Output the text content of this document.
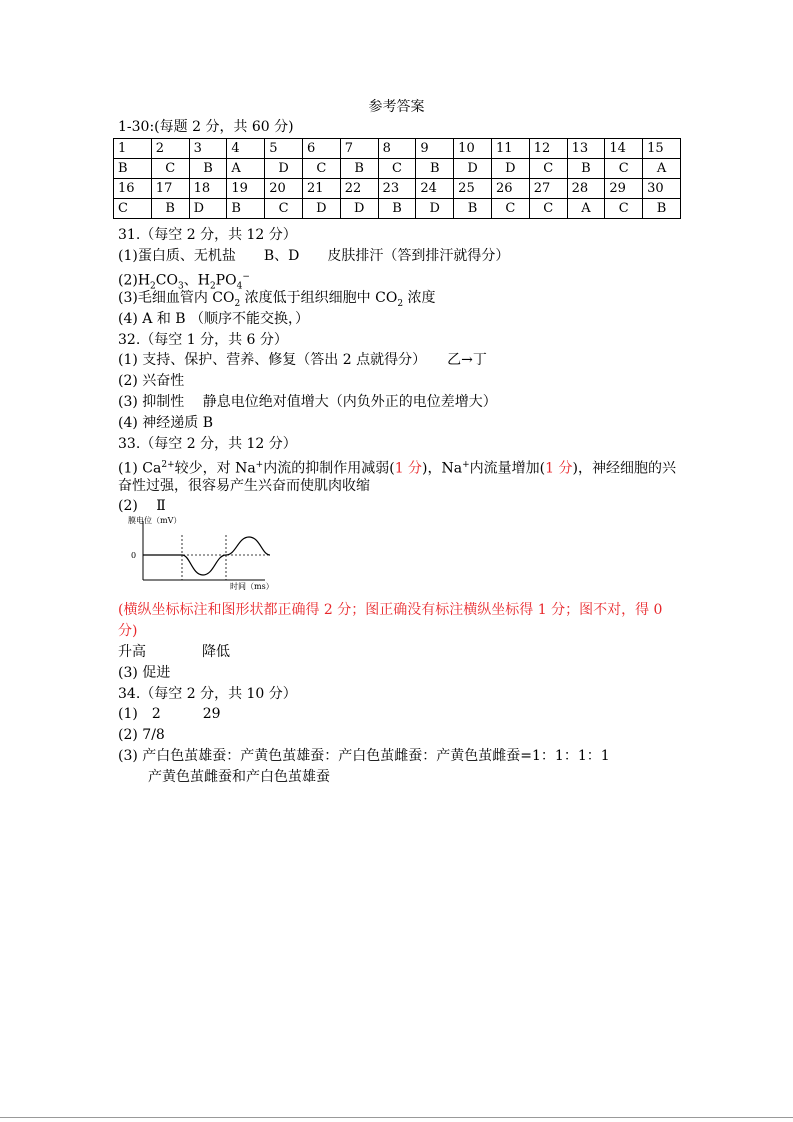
参考答案
1-30:(每题 2 分，共 60 分)
1	2	3	4	5	6	7	8	9	10	11	12	13	14	15
B	C	B	A	D	C	B	C	B	D	D	C	B	C	A
16	17	18	19	20	21	22	23	24	25	26	27	28	29	30
C	B	D	B	C	D	D	B	D	B	C	C	A	C	B
31.（每空 2 分，共 12 分）
(1)蛋白质、无机盐　　B、D　　皮肤排汗（答到排汗就得分）
$(2)H_2CO_3$、$H_2PO_4^-$
(3)毛细血管内 $CO_2$ 浓度低于组织细胞中 $CO_2$ 浓度
(4) A 和 B （顺序不能交换，）
32.（每空 1 分，共 6 分）
(1) 支持、保护、营养、修复（答出 2 点就得分）　　乙→丁
(2) 兴奋性
(3) 抑制性　 静息电位绝对值增大（内负外正的电位差增大）
(4) 神经递质 B
33.（每空 2 分，共 12 分）
(1) $Ca^{2+}$较少，对 Na+内流的抑制作用减弱(1 分)，Na+内流量增加(1 分)，神经细胞的兴
奋性过强，很容易产生兴奋而使肌肉收缩
(2)　 Ⅱ
膜电位（mV）
0
时间（ms）
(横纵坐标标注和图形状都正确得 2 分；图正确没有标注横纵坐标得 1 分；图不对，得 0
分)
升高　　　　降低
(3) 促进
34.（每空 2 分，共 10 分）
(1)　2　　　29
(2) 7/8
(3) 产白色茧雄蚕：产黄色茧雄蚕：产白色茧雌蚕：产黄色茧雌蚕=1：1：1：1
产黄色茧雌蚕和产白色茧雄蚕
